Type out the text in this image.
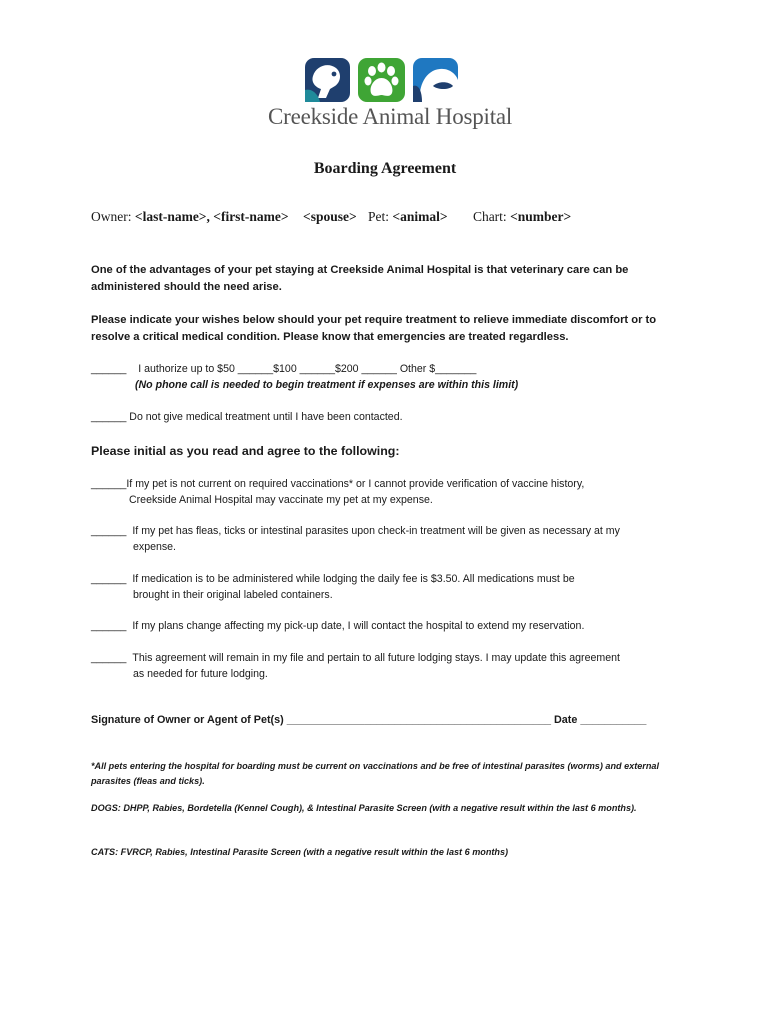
Creekside Animal Hospital
Boarding Agreement
Owner: <last-name>, <first-name> <spouse> Pet: <animal> Chart: <number>
One of the advantages of your pet staying at Creekside Animal Hospital is that veterinary care can be administered should the need arise.
Please indicate your wishes below should your pet require treatment to relieve immediate discomfort or to resolve a critical medical condition. Please know that emergencies are treated regardless.
______ I authorize up to $50 ______$100 ______$200 ______ Other $_______
(No phone call is needed to begin treatment if expenses are within this limit)
______ Do not give medical treatment until I have been contacted.
Please initial as you read and agree to the following:
______If my pet is not current on required vaccinations* or I cannot provide verification of vaccine history,
Creekside Animal Hospital may vaccinate my pet at my expense.
______ If my pet has fleas, ticks or intestinal parasites upon check-in treatment will be given as necessary at my
expense.
______ If medication is to be administered while lodging the daily fee is $3.50. All medications must be
brought in their original labeled containers.
______ If my plans change affecting my pick-up date, I will contact the hospital to extend my reservation.
______ This agreement will remain in my file and pertain to all future lodging stays. I may update this agreement
as needed for future lodging.
Signature of Owner or Agent of Pet(s) ____________________________________________ Date ___________
*All pets entering the hospital for boarding must be current on vaccinations and be free of intestinal parasites (worms) and external parasites (fleas and ticks).
DOGS: DHPP, Rabies, Bordetella (Kennel Cough), & Intestinal Parasite Screen (with a negative result within the last 6 months).
CATS: FVRCP, Rabies, Intestinal Parasite Screen (with a negative result within the last 6 months)
